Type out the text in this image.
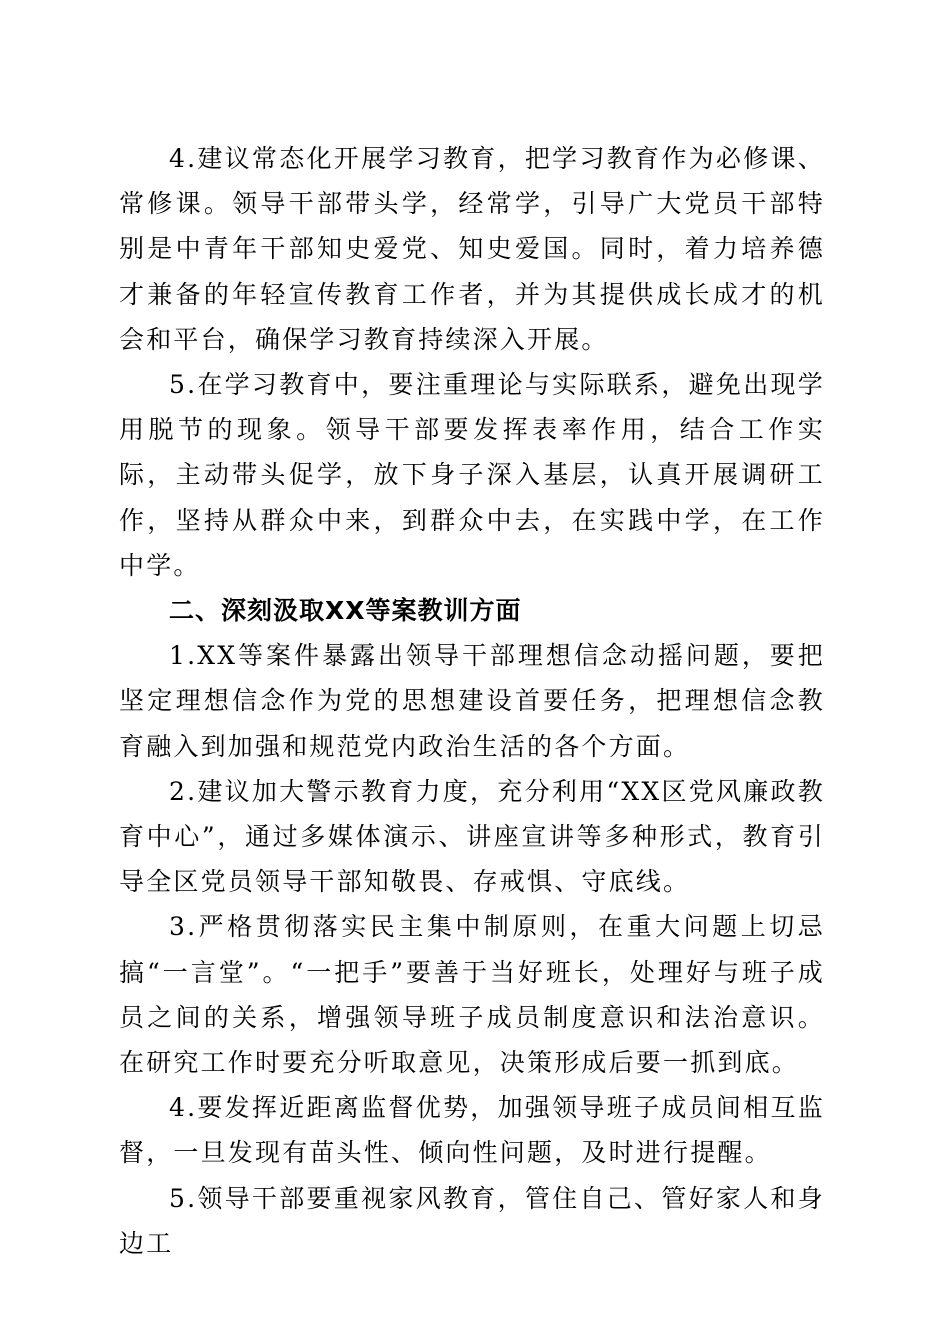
4.建议常态化开展学习教育，把学习教育作为必修课、常修课。领导干部带头学，经常学，引导广大党员干部特别是中青年干部知史爱党、知史爱国。同时，着力培养德才兼备的年轻宣传教育工作者，并为其提供成长成才的机会和平台，确保学习教育持续深入开展。

5.在学习教育中，要注重理论与实际联系，避免出现学用脱节的现象。领导干部要发挥表率作用，结合工作实际，主动带头促学，放下身子深入基层，认真开展调研工作，坚持从群众中来，到群众中去，在实践中学，在工作中学。

二、深刻汲取XX等案教训方面

1.XX等案件暴露出领导干部理想信念动摇问题，要把坚定理想信念作为党的思想建设首要任务，把理想信念教育融入到加强和规范党内政治生活的各个方面。

2.建议加大警示教育力度，充分利用“XX区党风廉政教育中心”，通过多媒体演示、讲座宣讲等多种形式，教育引导全区党员领导干部知敬畏、存戒惧、守底线。

3.严格贯彻落实民主集中制原则，在重大问题上切忌搞“一言堂”。“一把手”要善于当好班长，处理好与班子成员之间的关系，增强领导班子成员制度意识和法治意识。在研究工作时要充分听取意见，决策形成后要一抓到底。

4.要发挥近距离监督优势，加强领导班子成员间相互监督，一旦发现有苗头性、倾向性问题，及时进行提醒。

5.领导干部要重视家风教育，管住自己、管好家人和身边工
